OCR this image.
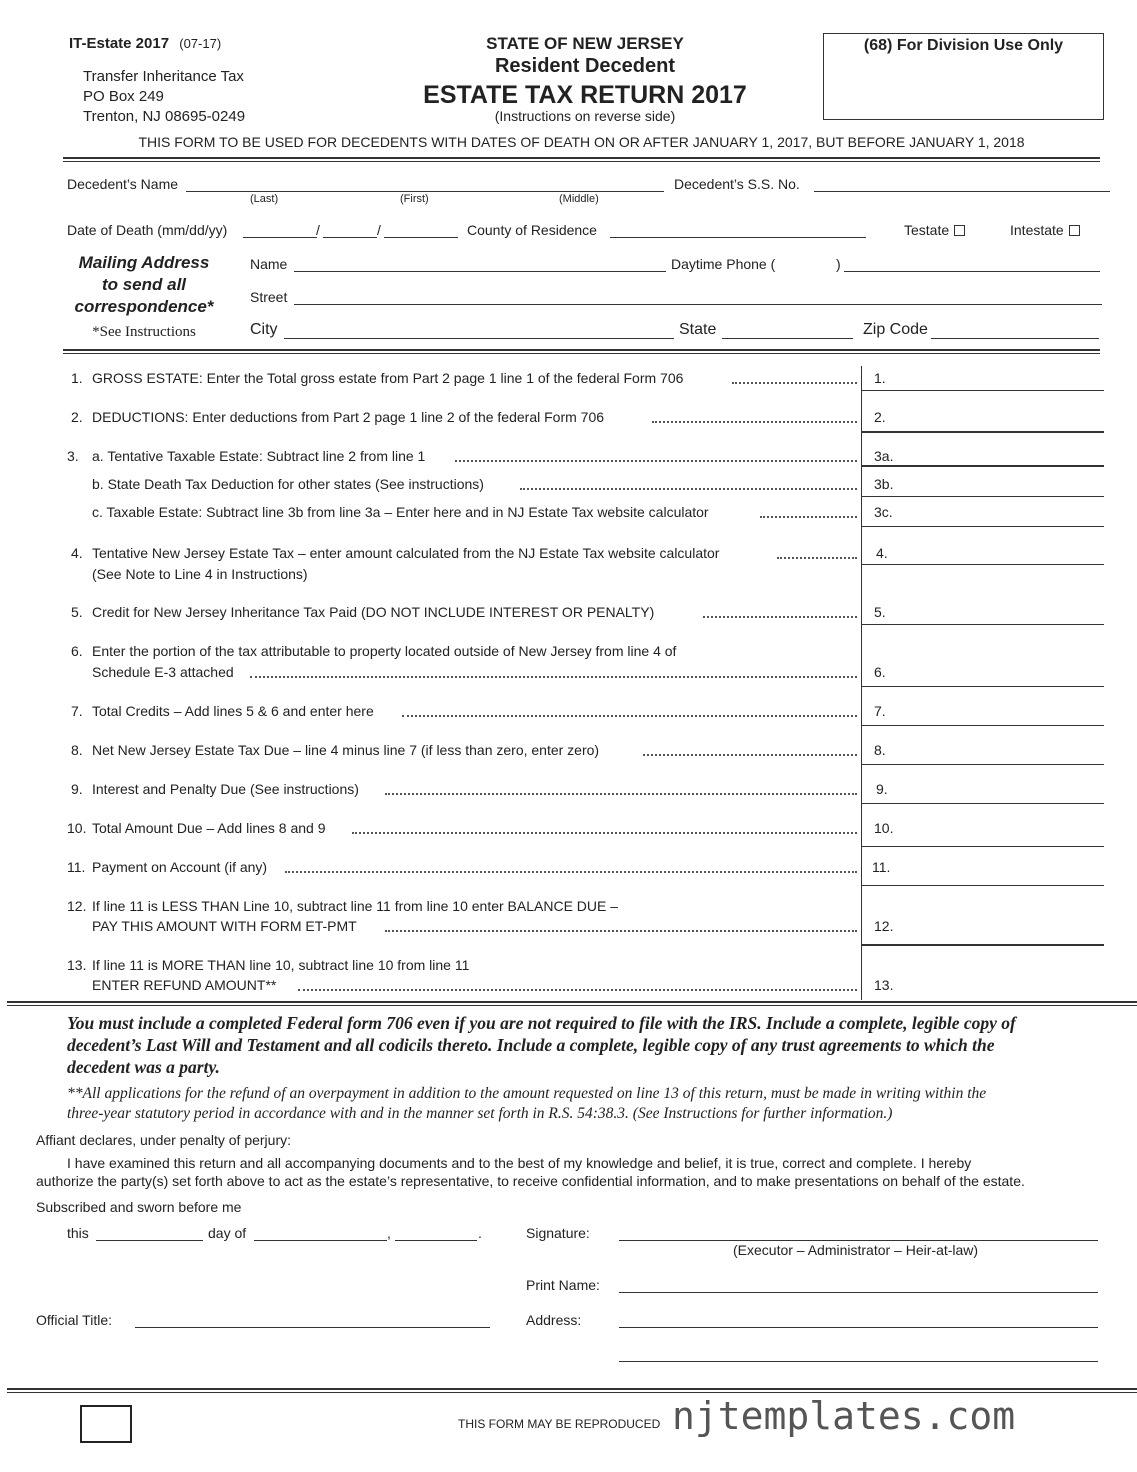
IT-Estate 2017 (07-17)
Transfer Inheritance Tax
PO Box 249
Trenton, NJ 08695-0249
STATE OF NEW JERSEY
Resident Decedent
ESTATE TAX RETURN 2017
(Instructions on reverse side)
(68) For Division Use Only
THIS FORM TO BE USED FOR DECEDENTS WITH DATES OF DEATH ON OR AFTER JANUARY 1, 2017, BUT BEFORE JANUARY 1, 2018
Decedent’s Name
(Last)	(First)	(Middle)
Decedent’s S.S. No.
Date of Death (mm/dd/yy)	/	/	County of Residence	Testate	Intestate
Mailing Address
to send all
correspondence*
*See Instructions
Name	Daytime Phone (	)
Street
City	State	Zip Code
1. GROSS ESTATE: Enter the Total gross estate from Part 2 page 1 line 1 of the federal Form 706	1.
2. DEDUCTIONS: Enter deductions from Part 2 page 1 line 2 of the federal Form 706	2.
3. a. Tentative Taxable Estate: Subtract line 2 from line 1	3a.
b. State Death Tax Deduction for other states (See instructions)	3b.
c. Taxable Estate: Subtract line 3b from line 3a – Enter here and in NJ Estate Tax website calculator	3c.
4. Tentative New Jersey Estate Tax – enter amount calculated from the NJ Estate Tax website calculator
(See Note to Line 4 in Instructions)
4.
5. Credit for New Jersey Inheritance Tax Paid (DO NOT INCLUDE INTEREST OR PENALTY)	5.
6. Enter the portion of the tax attributable to property located outside of New Jersey from line 4 of
Schedule E-3 attached	6.
7. Total Credits – Add lines 5 & 6 and enter here	7.
8. Net New Jersey Estate Tax Due – line 4 minus line 7 (if less than zero, enter zero)	8.
9. Interest and Penalty Due (See instructions)	9.
10. Total Amount Due – Add lines 8 and 9	10.
11. Payment on Account (if any)	11.
12. If line 11 is LESS THAN Line 10, subtract line 11 from line 10 enter BALANCE DUE –
PAY THIS AMOUNT WITH FORM ET-PMT	12.
13. If line 11 is MORE THAN line 10, subtract line 10 from line 11
ENTER REFUND AMOUNT**	13.
You must include a completed Federal form 706 even if you are not required to file with the IRS. Include a complete, legible copy of
decedent’s Last Will and Testament and all codicils thereto. Include a complete, legible copy of any trust agreements to which the
decedent was a party.
**All applications for the refund of an overpayment in addition to the amount requested on line 13 of this return, must be made in writing within the
three-year statutory period in accordance with and in the manner set forth in R.S. 54:38.3. (See Instructions for further information.)
Affiant declares, under penalty of perjury:
I have examined this return and all accompanying documents and to the best of my knowledge and belief, it is true, correct and complete. I hereby
authorize the party(s) set forth above to act as the estate’s representative, to receive confidential information, and to make presentations on behalf of the estate.
Subscribed and sworn before me
this	day of	,	.	Signature:
(Executor – Administrator – Heir-at-law)
Print Name:
Official Title:	Address:
THIS FORM MAY BE REPRODUCED njtemplates.com
